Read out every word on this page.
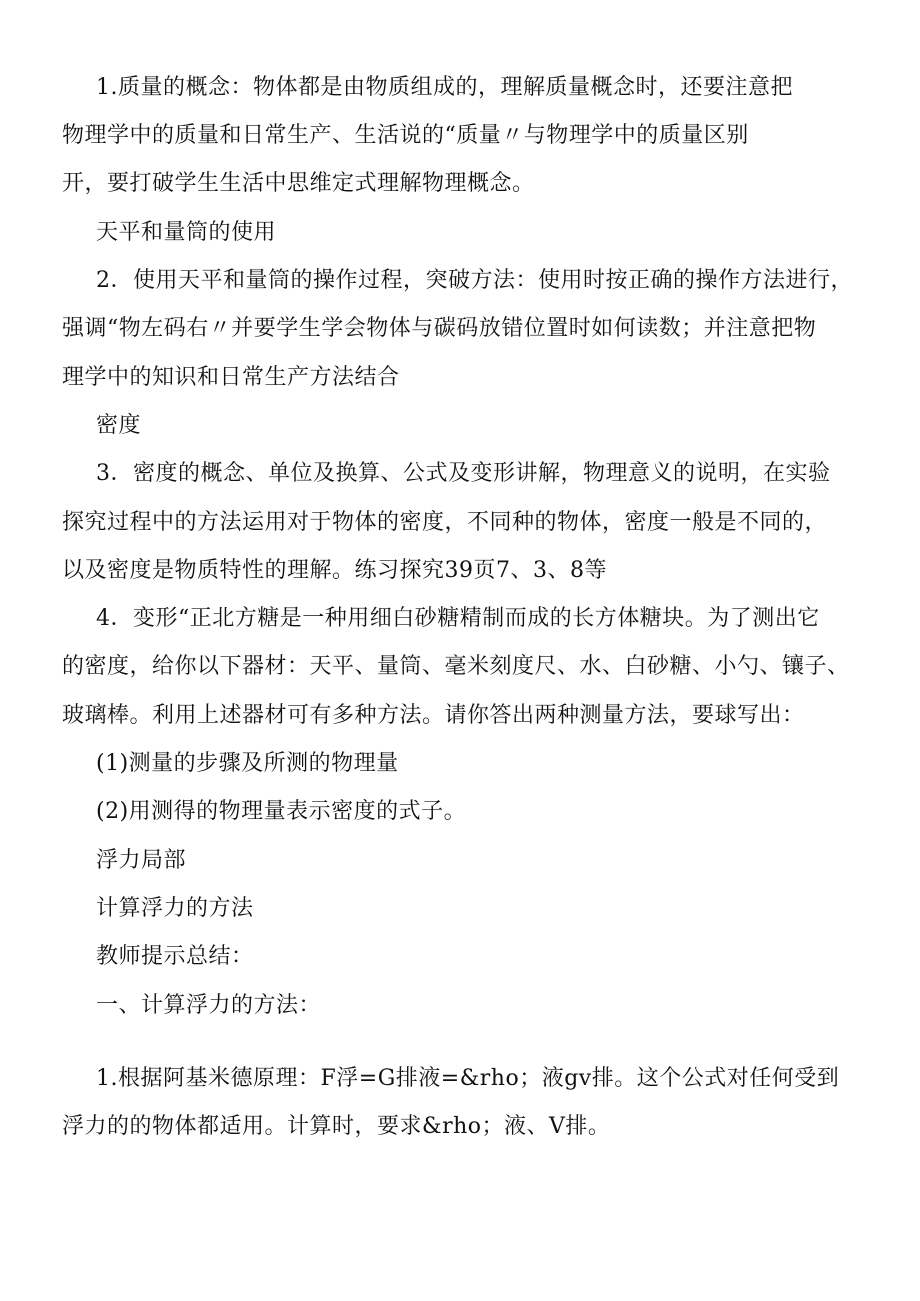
1.质量的概念：物体都是由物质组成的，理解质量概念时，还要注意把
物理学中的质量和日常生产、生活说的“质量〃与物理学中的质量区别
开，要打破学生生活中思维定式理解物理概念。
天平和量筒的使用
2．使用天平和量筒的操作过程，突破方法：使用时按正确的操作方法进行，
强调“物左码右〃并要学生学会物体与碳码放错位置时如何读数；并注意把物
理学中的知识和日常生产方法结合
密度
3．密度的概念、单位及换算、公式及变形讲解，物理意义的说明，在实验
探究过程中的方法运用对于物体的密度，不同种的物体，密度一般是不同的，
以及密度是物质特性的理解。练习探究39页7、3、8等
4．变形“正北方糖是一种用细白砂糖精制而成的长方体糖块。为了测出它
的密度，给你以下器材：天平、量筒、毫米刻度尺、水、白砂糖、小勺、镶子、
玻璃棒。利用上述器材可有多种方法。请你答出两种测量方法，要球写出：
(1)测量的步骤及所测的物理量
(2)用测得的物理量表示密度的式子。
浮力局部
计算浮力的方法
教师提示总结：
一、计算浮力的方法：
1.根据阿基米德原理：F浮=G排液=&rho；液gv排。这个公式对任何受到
浮力的的物体都适用。计算时，要求&rho；液、V排。
